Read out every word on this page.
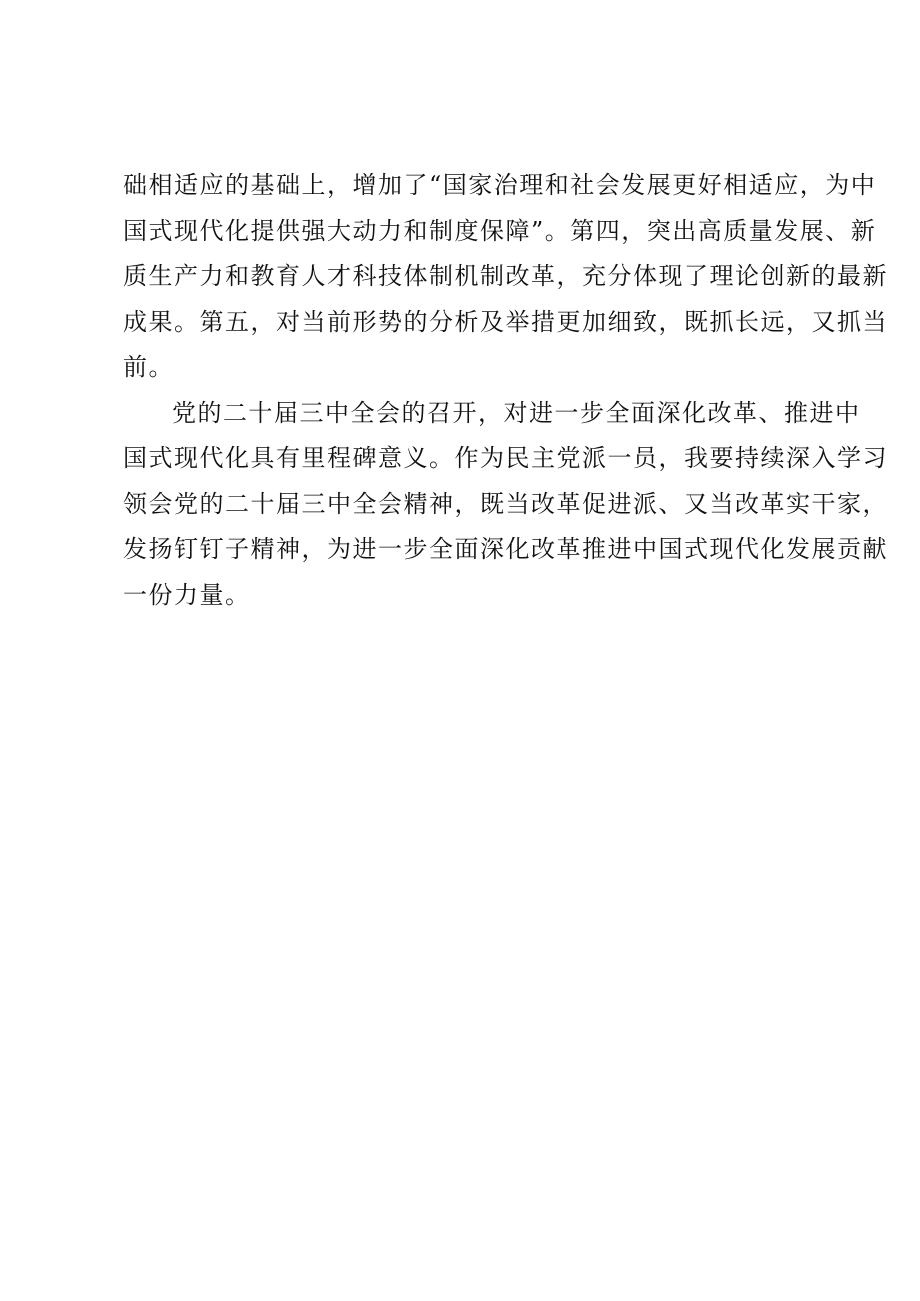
础相适应的基础上，增加了“国家治理和社会发展更好相适应，为中
国式现代化提供强大动力和制度保障”。第四，突出高质量发展、新
质生产力和教育人才科技体制机制改革，充分体现了理论创新的最新
成果。第五，对当前形势的分析及举措更加细致，既抓长远，又抓当
前。

党的二十届三中全会的召开，对进一步全面深化改革、推进中
国式现代化具有里程碑意义。作为民主党派一员，我要持续深入学习
领会党的二十届三中全会精神，既当改革促进派、又当改革实干家，
发扬钉钉子精神，为进一步全面深化改革推进中国式现代化发展贡献
一份力量。
